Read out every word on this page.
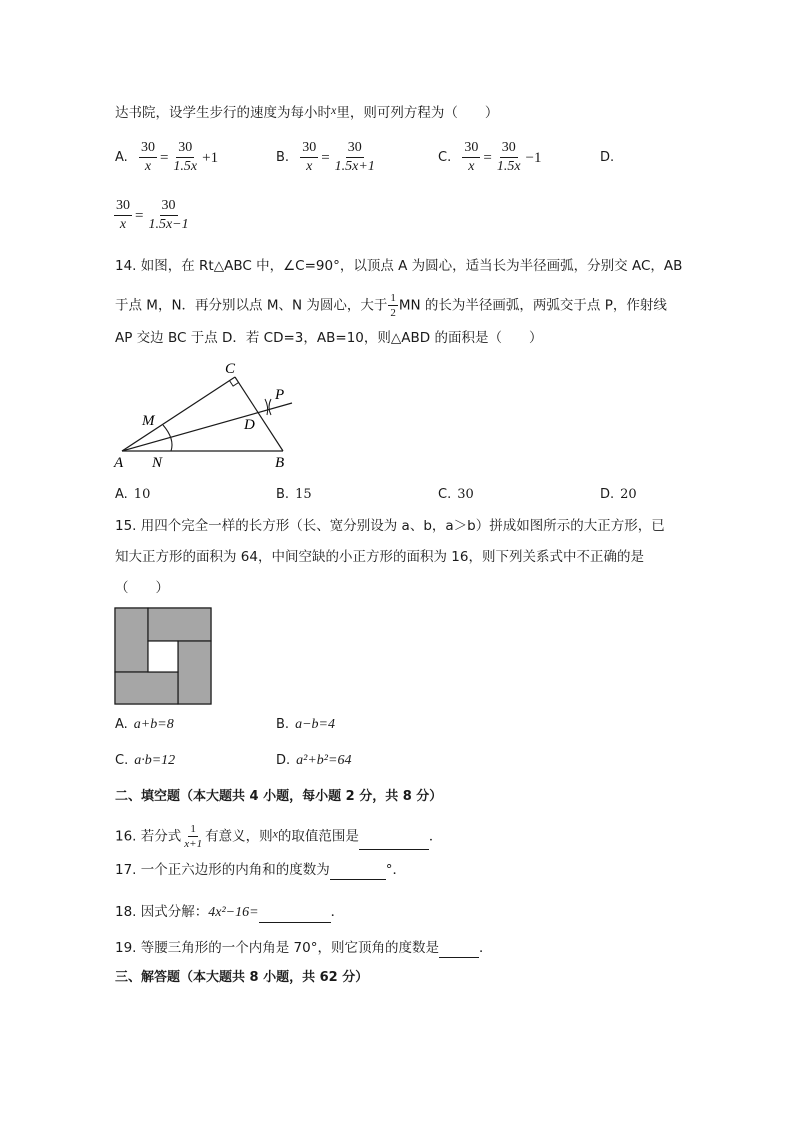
达书院，设学生步行的速度为每小时x里，则可列方程为（　　）
A. $\frac{30}{x} = \frac{30}{1.5x} +1$	B. $\frac{30}{x} = \frac{30}{1.5x+1}$	C. $\frac{30}{x} = \frac{30}{1.5x} -1$	D.
$\frac{30}{x} = \frac{30}{1.5x-1}$
14. 如图，在 Rt△ABC 中，∠C=90°，以顶点 A 为圆心，适当长为半径画弧，分别交 AC，AB
于点 M，N．再分别以点 M、N 为圆心，大于 $\frac{1}{2}$ MN 的长为半径画弧，两弧交于点 P，作射线
AP 交边 BC 于点 D．若 CD=3，AB=10，则△ABD 的面积是（　　）
C
P
D
M
A N	B
A. 10	B. 15	C. 30	D. 20
15. 用四个完全一样的长方形（长、宽分别设为 a、b，a＞b）拼成如图所示的大正方形，已
知大正方形的面积为 64，中间空缺的小正方形的面积为 16，则下列关系式中不正确的是
（　　）
A. a+b=8	B. a−b=4
C. a·b=12	D. a²+b²=64
二、填空题（本大题共 4 小题，每小题 2 分，共 8 分）
16. 若分式 $\frac{1}{x+1}$ 有意义，则x的取值范围是	．
17. 一个正六边形的内角和的度数为	°．
18. 因式分解：4x²−16=	．
19. 等腰三角形的一个内角是 70°，则它顶角的度数是	．
三、解答题（本大题共 8 小题，共 62 分）
